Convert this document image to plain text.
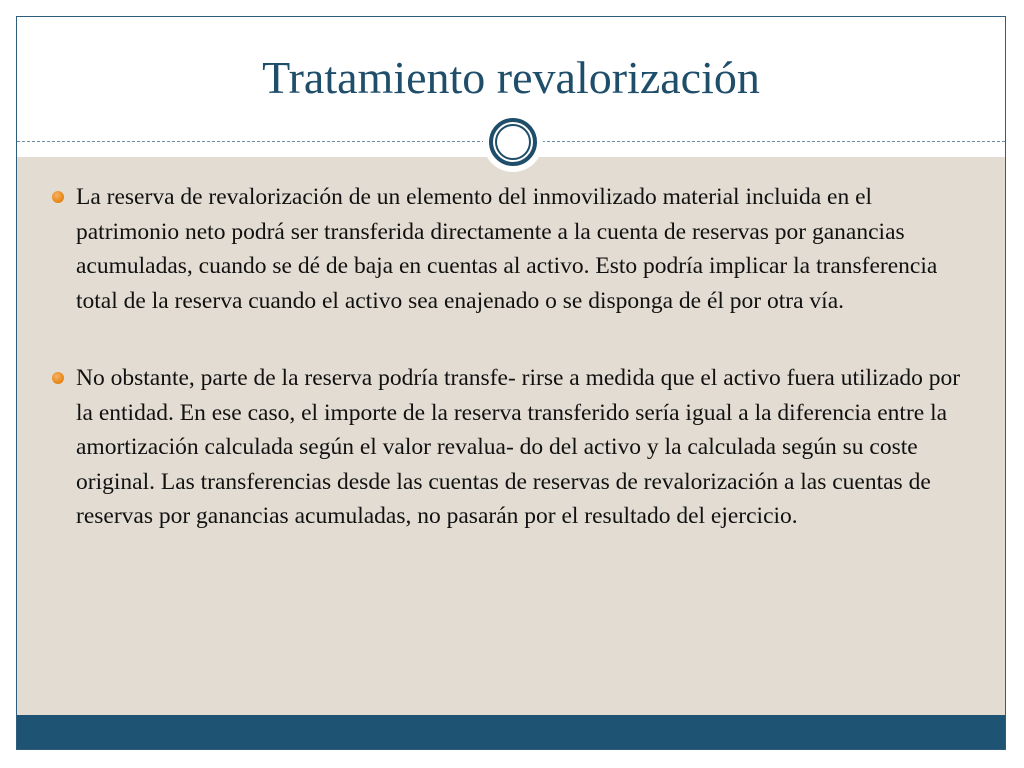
Tratamiento revalorización
La reserva de revalorización de un elemento del inmovilizado material incluida en el patrimonio neto podrá ser transferida directamente a la cuenta de reservas por ganancias acumuladas, cuando se dé de baja en cuentas al activo. Esto podría implicar la transferencia total de la reserva cuando el activo sea enajenado o se disponga de él por otra vía.
No obstante, parte de la reserva podría transfe- rirse a medida que el activo fuera utilizado por la entidad. En ese caso, el importe de la reserva transferido sería igual a la diferencia entre la amortización calculada según el valor revalua- do del activo y la calculada según su coste original. Las transferencias desde las cuentas de reservas de revalorización a las cuentas de reservas por ganancias acumuladas, no pasarán por el resultado del ejercicio.
